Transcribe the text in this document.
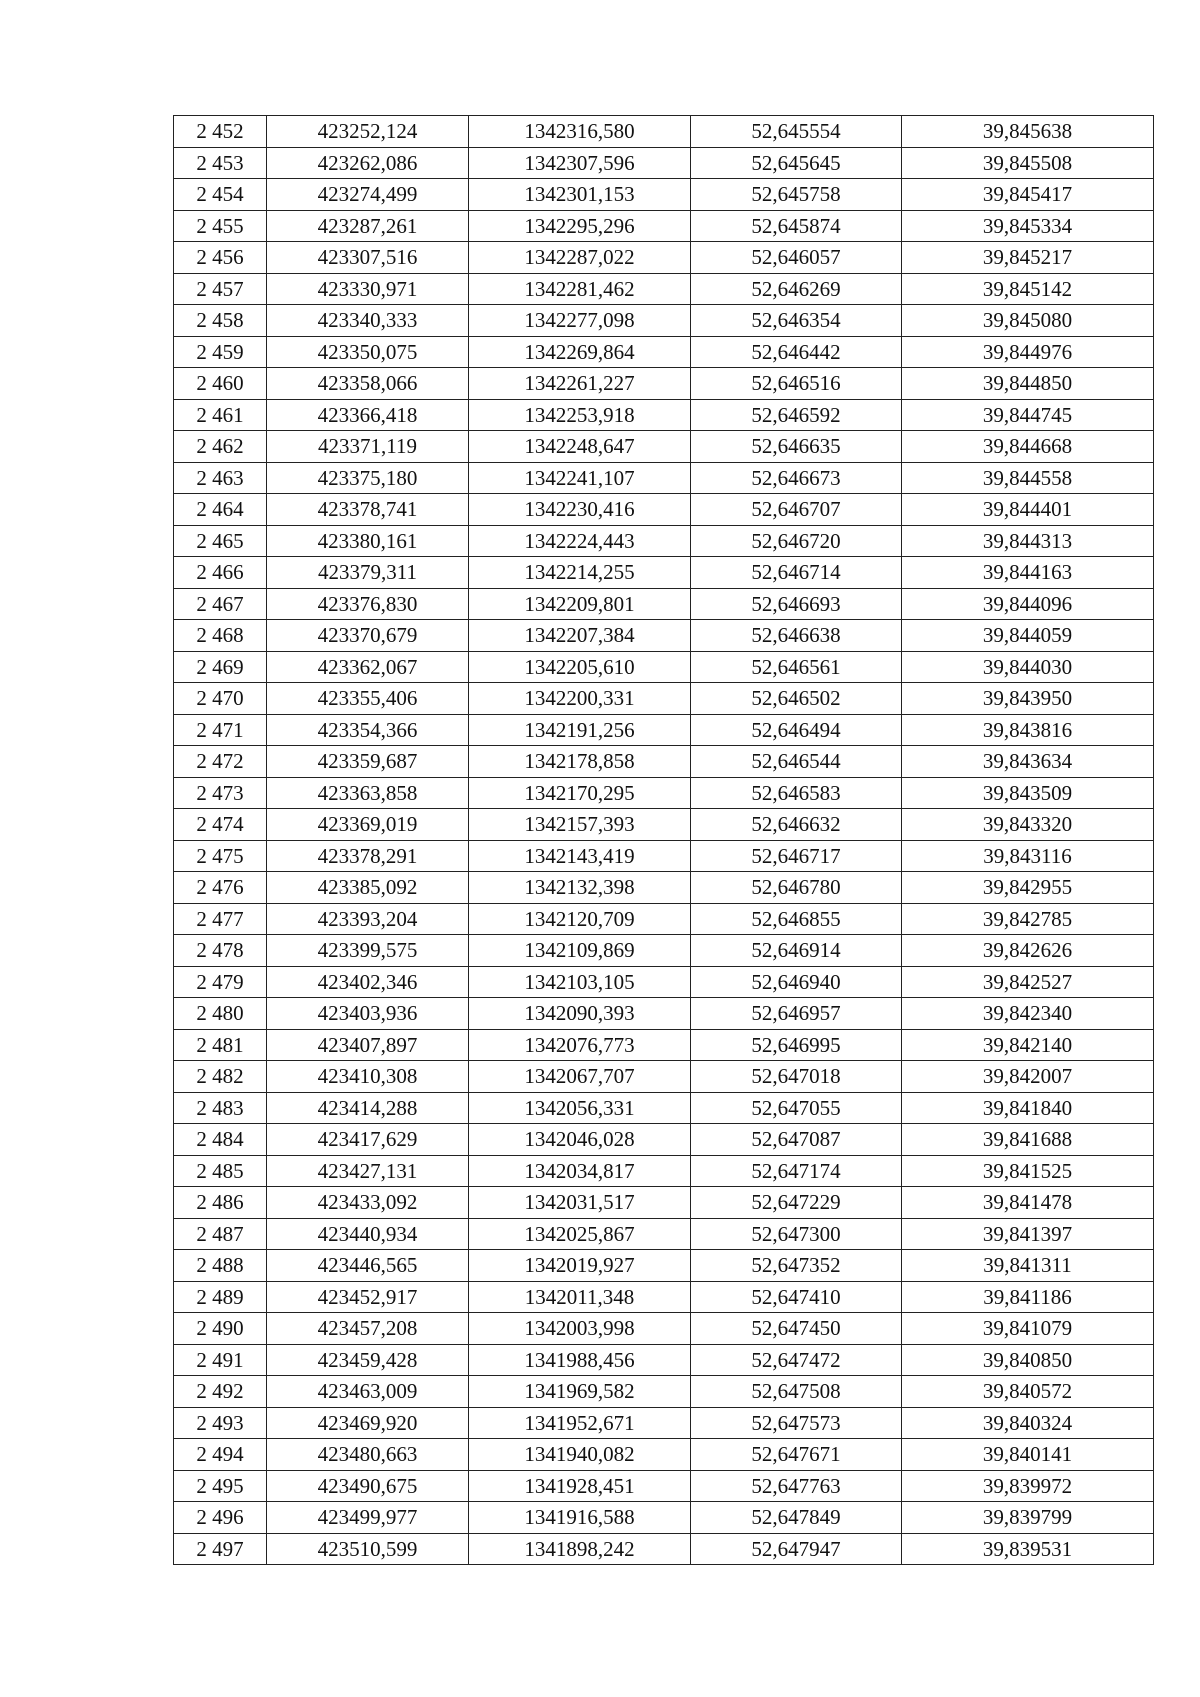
2 452	423252,124	1342316,580	52,645554	39,845638
2 453	423262,086	1342307,596	52,645645	39,845508
2 454	423274,499	1342301,153	52,645758	39,845417
2 455	423287,261	1342295,296	52,645874	39,845334
2 456	423307,516	1342287,022	52,646057	39,845217
2 457	423330,971	1342281,462	52,646269	39,845142
2 458	423340,333	1342277,098	52,646354	39,845080
2 459	423350,075	1342269,864	52,646442	39,844976
2 460	423358,066	1342261,227	52,646516	39,844850
2 461	423366,418	1342253,918	52,646592	39,844745
2 462	423371,119	1342248,647	52,646635	39,844668
2 463	423375,180	1342241,107	52,646673	39,844558
2 464	423378,741	1342230,416	52,646707	39,844401
2 465	423380,161	1342224,443	52,646720	39,844313
2 466	423379,311	1342214,255	52,646714	39,844163
2 467	423376,830	1342209,801	52,646693	39,844096
2 468	423370,679	1342207,384	52,646638	39,844059
2 469	423362,067	1342205,610	52,646561	39,844030
2 470	423355,406	1342200,331	52,646502	39,843950
2 471	423354,366	1342191,256	52,646494	39,843816
2 472	423359,687	1342178,858	52,646544	39,843634
2 473	423363,858	1342170,295	52,646583	39,843509
2 474	423369,019	1342157,393	52,646632	39,843320
2 475	423378,291	1342143,419	52,646717	39,843116
2 476	423385,092	1342132,398	52,646780	39,842955
2 477	423393,204	1342120,709	52,646855	39,842785
2 478	423399,575	1342109,869	52,646914	39,842626
2 479	423402,346	1342103,105	52,646940	39,842527
2 480	423403,936	1342090,393	52,646957	39,842340
2 481	423407,897	1342076,773	52,646995	39,842140
2 482	423410,308	1342067,707	52,647018	39,842007
2 483	423414,288	1342056,331	52,647055	39,841840
2 484	423417,629	1342046,028	52,647087	39,841688
2 485	423427,131	1342034,817	52,647174	39,841525
2 486	423433,092	1342031,517	52,647229	39,841478
2 487	423440,934	1342025,867	52,647300	39,841397
2 488	423446,565	1342019,927	52,647352	39,841311
2 489	423452,917	1342011,348	52,647410	39,841186
2 490	423457,208	1342003,998	52,647450	39,841079
2 491	423459,428	1341988,456	52,647472	39,840850
2 492	423463,009	1341969,582	52,647508	39,840572
2 493	423469,920	1341952,671	52,647573	39,840324
2 494	423480,663	1341940,082	52,647671	39,840141
2 495	423490,675	1341928,451	52,647763	39,839972
2 496	423499,977	1341916,588	52,647849	39,839799
2 497	423510,599	1341898,242	52,647947	39,839531
